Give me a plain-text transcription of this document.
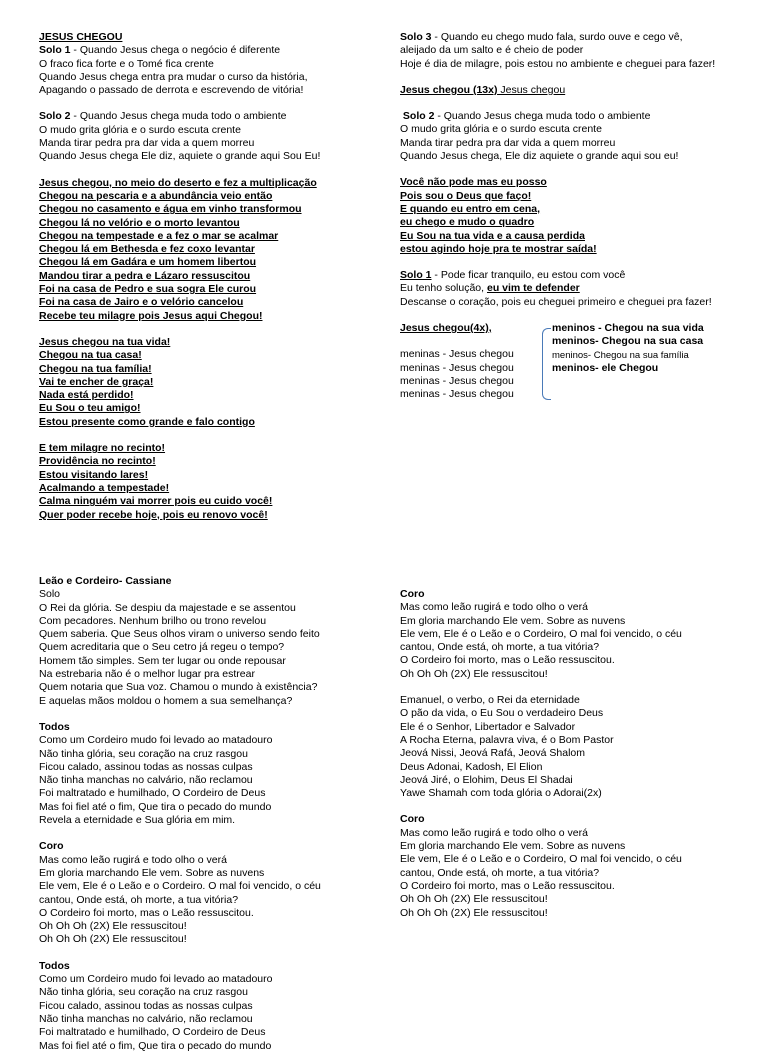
JESUS CHEGOU
Solo 1 - Quando Jesus chega o negócio é diferente
O fraco fica forte e o Tomé fica crente
Quando Jesus chega entra pra mudar o curso da história,
Apagando o passado de derrota e escrevendo de vitória!
Solo 2 - Quando Jesus chega muda todo o ambiente
O mudo grita glória e o surdo escuta crente
Manda tirar pedra pra dar vida a quem morreu
Quando Jesus chega Ele diz, aquiete o grande aqui Sou Eu!
Jesus chegou, no meio do deserto e fez a multiplicação
Chegou na pescaria e a abundância veio então
Chegou no casamento e água em vinho transformou
Chegou lá no velório e o morto levantou
Chegou na tempestade e a fez o mar se acalmar
Chegou lá em Bethesda e fez coxo levantar
Chegou lá em Gadára e um homem libertou
Mandou tirar a pedra e Lázaro ressuscitou
Foi na casa de Pedro e sua sogra Ele curou
Foi na casa de Jairo e o velório cancelou
Recebe teu milagre pois Jesus aqui Chegou!
Jesus chegou na tua vida!
Chegou na tua casa!
Chegou na tua família!
Vai te encher de graça!
Nada está perdido!
Eu Sou o teu amigo!
Estou presente como grande e falo contigo
E tem milagre no recinto!
Providência no recinto!
Estou visitando lares!
Acalmando a tempestade!
Calma ninguém vai morrer pois eu cuido você!
Quer poder recebe hoje, pois eu renovo você!
Solo 3 - Quando eu chego mudo fala, surdo ouve e cego vê,
aleijado da um salto e é cheio de poder
Hoje é dia de milagre, pois estou no ambiente e cheguei para fazer!
Jesus chegou (13x) Jesus chegou
Solo 2 - Quando Jesus chega muda todo o ambiente
O mudo grita glória e o surdo escuta crente
Manda tirar pedra pra dar vida a quem morreu
Quando Jesus chega, Ele diz aquiete o grande aqui sou eu!
Você não pode mas eu posso
Pois sou o Deus que faço!
E quando eu entro em cena,
eu chego e mudo o quadro
Eu Sou na tua vida e a causa perdida
estou agindo hoje pra te mostrar saída!
Solo 1 - Pode ficar tranquilo, eu estou com você
Eu tenho solução, eu vim te defender
Descanse o coração, pois eu cheguei primeiro e cheguei pra fazer!
Jesus chegou(4x),
meninas - Jesus chegou
meninas - Jesus chegou
meninas - Jesus chegou
meninas - Jesus chegou
meninos - Chegou na sua vida
meninos- Chegou na sua casa
meninos- Chegou na sua família
meninos- ele Chegou
Leão e Cordeiro- Cassiane
Solo
O Rei da glória. Se despiu da majestade e se assentou
Com pecadores. Nenhum brilho ou trono revelou
Quem saberia. Que Seus olhos viram o universo sendo feito
Quem acreditaria que o Seu cetro já regeu o tempo?
Homem tão simples. Sem ter lugar ou onde repousar
Na estrebaria não é o melhor lugar pra estrear
Quem notaria que Sua voz. Chamou o mundo à existência?
E aquelas mãos moldou o homem a sua semelhança?
Todos
Como um Cordeiro mudo foi levado ao matadouro
Não tinha glória, seu coração na cruz rasgou
Ficou calado, assinou todas as nossas culpas
Não tinha manchas no calvário, não reclamou
Foi maltratado e humilhado, O Cordeiro de Deus
Mas foi fiel até o fim, Que tira o pecado do mundo
Revela a eternidade e Sua glória em mim.
Coro
Mas como leão rugirá e todo olho o verá
Em gloria marchando Ele vem. Sobre as nuvens
Ele vem, Ele é o Leão e o Cordeiro. O mal foi vencido, o céu
cantou, Onde está, oh morte, a tua vitória?
O Cordeiro foi morto, mas o Leão ressuscitou.
Oh Oh Oh (2X) Ele ressuscitou!
Oh Oh Oh (2X) Ele ressuscitou!
Todos
Como um Cordeiro mudo foi levado ao matadouro
Não tinha glória, seu coração na cruz rasgou
Ficou calado, assinou todas as nossas culpas
Não tinha manchas no calvário, não reclamou
Foi maltratado e humilhado, O Cordeiro de Deus
Mas foi fiel até o fim, Que tira o pecado do mundo
Coro
Mas como leão rugirá e todo olho o verá
Em gloria marchando Ele vem. Sobre as nuvens
Ele vem, Ele é o Leão e o Cordeiro, O mal foi vencido, o céu
cantou, Onde está, oh morte, a tua vitória?
O Cordeiro foi morto, mas o Leão ressuscitou.
Oh Oh Oh (2X) Ele ressuscitou!
Emanuel, o verbo, o Rei da eternidade
O pão da vida, o Eu Sou o verdadeiro Deus
Ele é o Senhor, Libertador e Salvador
A Rocha Eterna, palavra viva, é o Bom Pastor
Jeová Nissi, Jeová Rafá, Jeová Shalom
Deus Adonai, Kadosh, El Elion
Jeová Jiré, o Elohim, Deus El Shadai
Yawe Shamah com toda glória o Adorai(2x)
Coro
Mas como leão rugirá e todo olho o verá
Em gloria marchando Ele vem. Sobre as nuvens
Ele vem, Ele é o Leão e o Cordeiro, O mal foi vencido, o céu
cantou, Onde está, oh morte, a tua vitória?
O Cordeiro foi morto, mas o Leão ressuscitou.
Oh Oh Oh (2X) Ele ressuscitou!
Oh Oh Oh (2X) Ele ressuscitou!
